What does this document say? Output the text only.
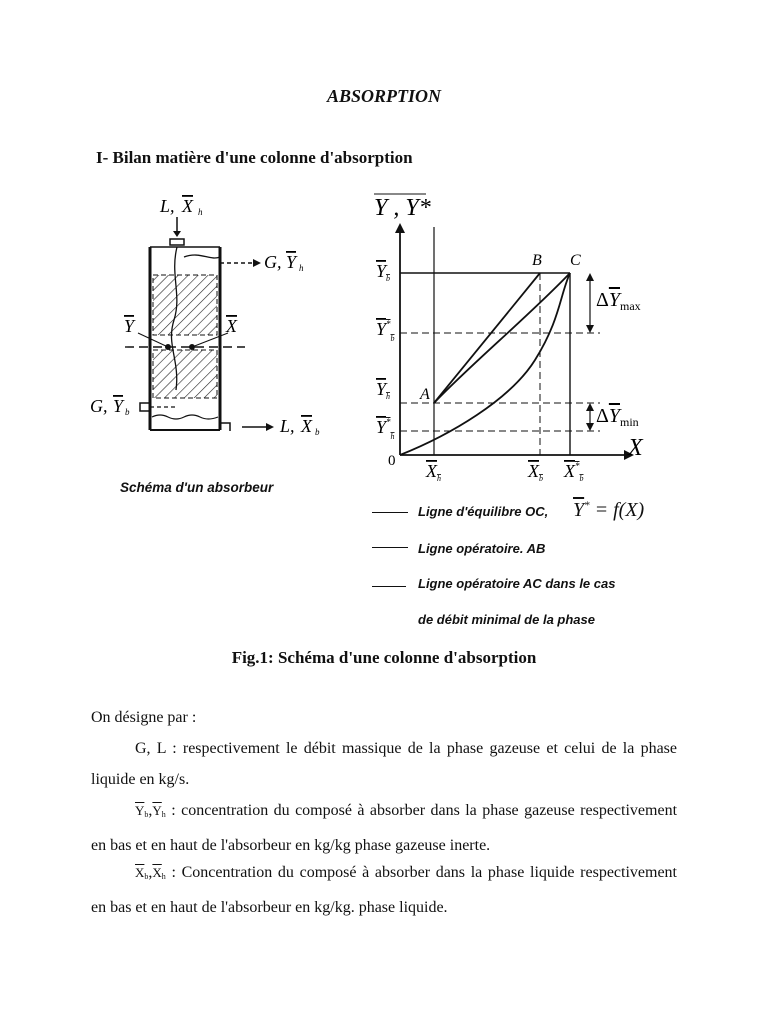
ABSORPTION
I- Bilan matière d'une colonne d'absorption
L, X h
G, Y h
Y	X
G, Y b
L, X b
Schéma d'un absorbeur
Y , Y*
$\Delta Y_{max}$
$\Delta Y_{min}$
B C
A
0
$Y_b$
$Y^*_b$
$Y_h$
$Y^*_h$
$X_h$	$X_b$ $X^*_b$
X
Ligne d'équilibre OC, $\overline{Y}^* = f(X)$
Ligne opératoire. AB
Ligne opératoire AC dans le cas
de débit minimal de la phase
Fig.1: Schéma d'une colonne d'absorption
On désigne par :
G, L : respectivement le débit massique de la phase gazeuse et celui de la phase liquide en kg/s.
$\overline{Y}b,\overline{Y}h$ : concentration du composé à absorber dans la phase gazeuse respectivement en bas et en haut de l'absorbeur en kg/kg phase gazeuse inerte.
$\overline{X}b,\overline{X}h$ : Concentration du composé à absorber dans la phase liquide respectivement en bas et en haut de l'absorbeur en kg/kg. phase liquide.
